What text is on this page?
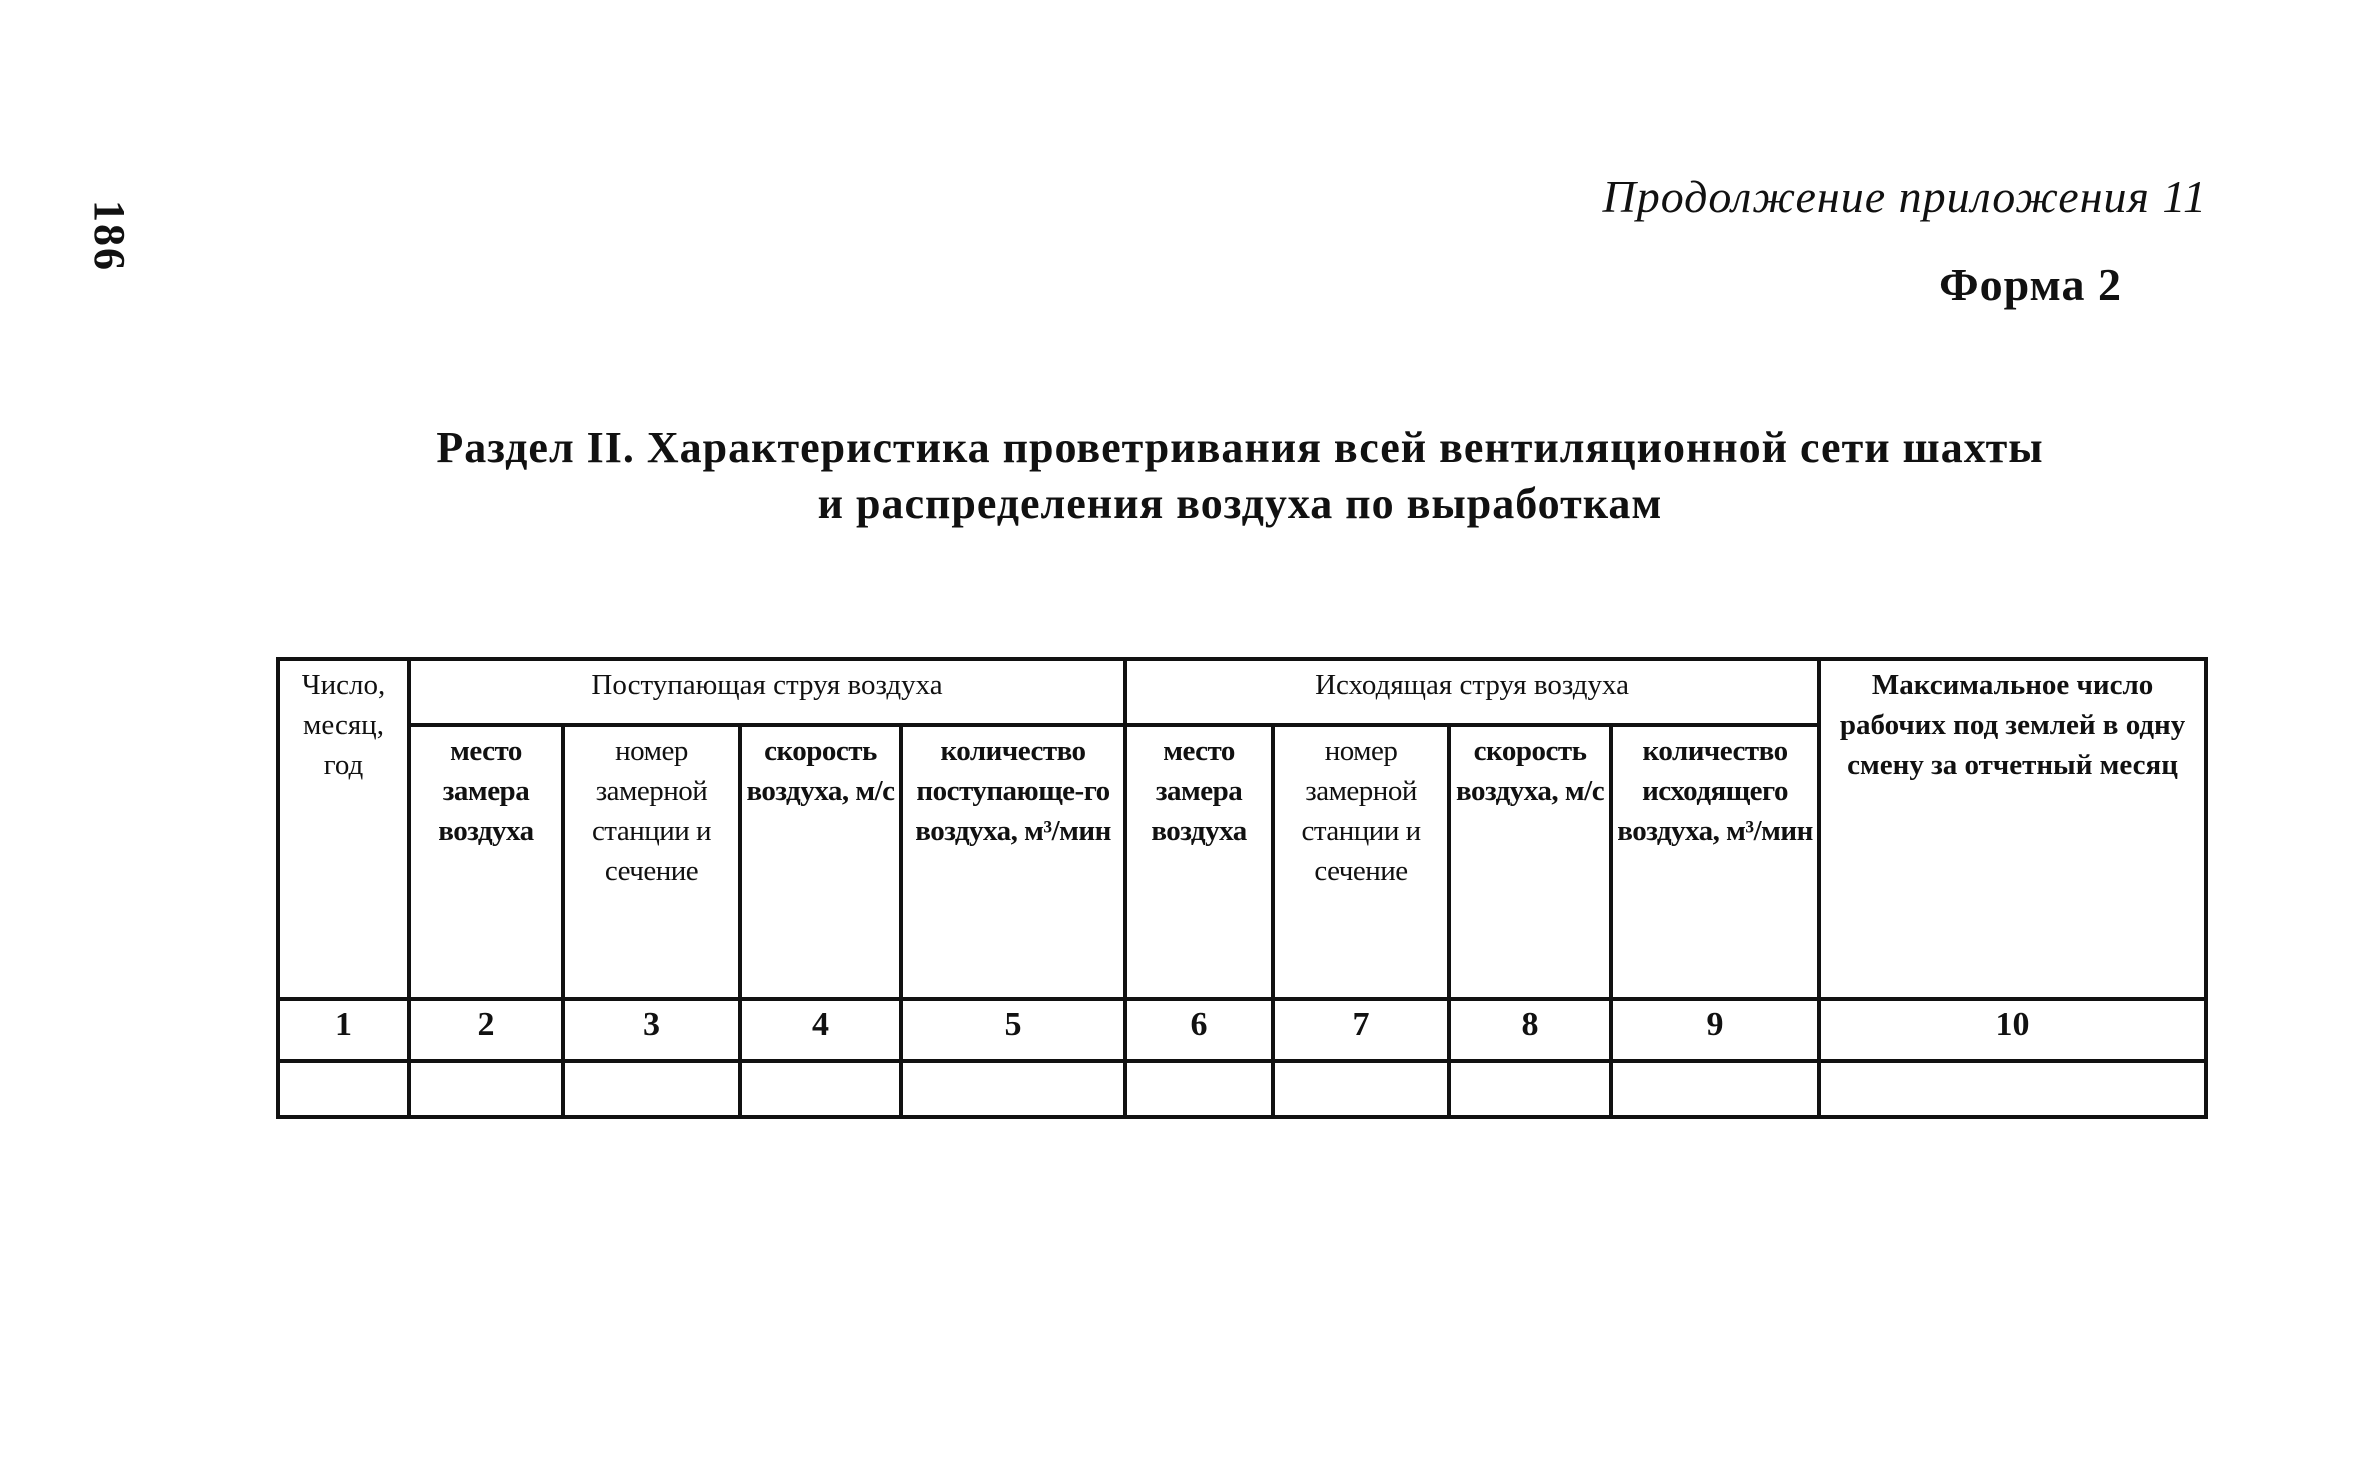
186
Продолжение приложения 11
Форма 2
Раздел II. Характеристика проветривания всей вентиляционной сети шахты
и распределения воздуха по выработкам
Число, месяц, год	Поступающая струя воздуха				Исходящая струя воздуха				Максимальное число рабочих под землей в одну смену за отчетный месяц
	место замера воздуха	номер замерной станции и сечение	скорость воздуха, м/с	количество поступающе-го воздуха, м³/мин	место замера воздуха	номер замерной станции и сечение	скорость воздуха, м/с	количество исходящего воздуха, м³/мин	
1	2	3	4	5	6	7	8	9	10
